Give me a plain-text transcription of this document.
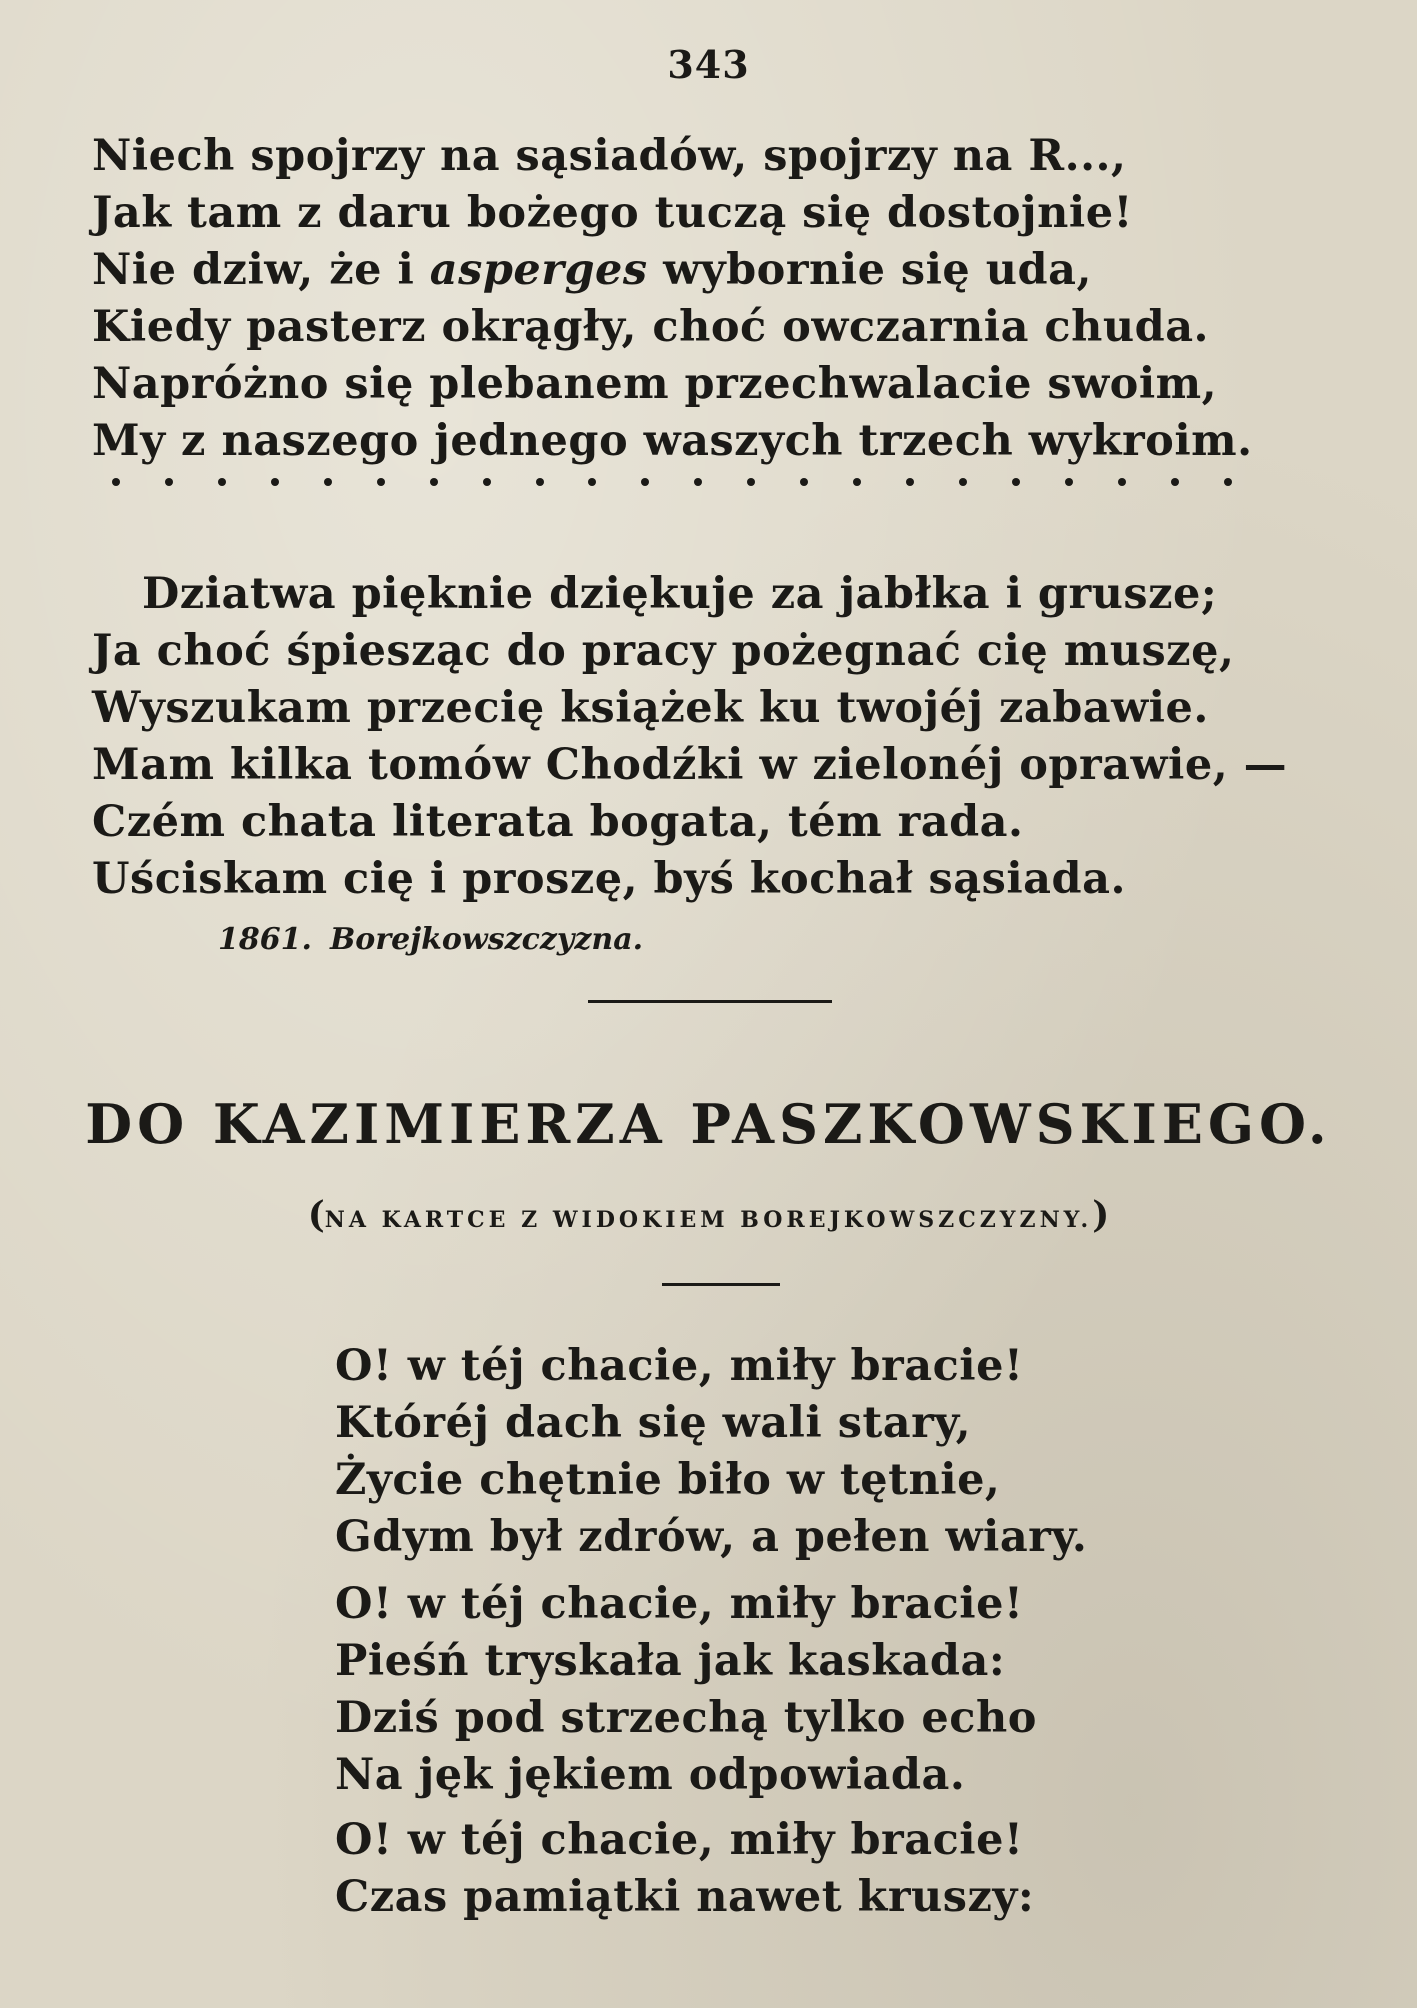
343
Niech spojrzy na sąsiadów, spojrzy na R...,
Jak tam z daru bożego tuczą się dostojnie!
Nie dziw, że i asperges wybornie się uda,
Kiedy pasterz okrągły, choć owczarnia chuda.
Napróżno się plebanem przechwalacie swoim,
My z naszego jednego waszych trzech wykroim.
Dziatwa pięknie dziękuje za jabłka i grusze;
Ja choć śpiesząc do pracy pożegnać cię muszę,
Wyszukam przecię książek ku twojéj zabawie.
Mam kilka tomów Chodźki w zielonéj oprawie, —
Czém chata literata bogata, tém rada.
Uściskam cię i proszę, byś kochał sąsiada.
1861. Borejkowszczyzna.
DO KAZIMIERZA PASZKOWSKIEGO.
(NA KARTCE Z WIDOKIEM BOREJKOWSZCZYZNY.)
O! w téj chacie, miły bracie!
Któréj dach się wali stary,
Życie chętnie biło w tętnie,
Gdym był zdrów, a pełen wiary.
O! w téj chacie, miły bracie!
Pieśń tryskała jak kaskada:
Dziś pod strzechą tylko echo
Na jęk jękiem odpowiada.
O! w téj chacie, miły bracie!
Czas pamiątki nawet kruszy:
